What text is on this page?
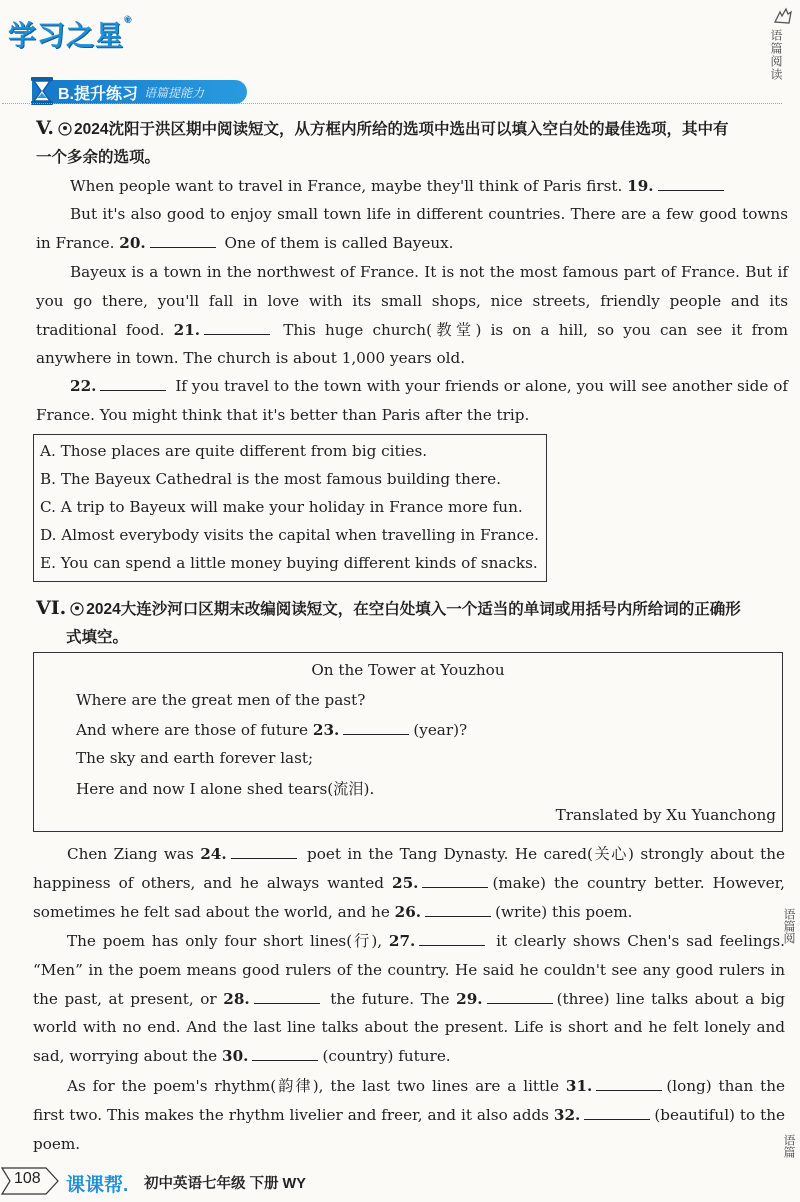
学习之星®
B.提升练习 语篇提能力
语篇阅读
语篇阅
语篇
V. 2024沈阳于洪区期中阅读短文，从方框内所给的选项中选出可以填入空白处的最佳选项，其中有
一个多余的选项。

When people want to travel in France, maybe they'll think of Paris first. 19.

But it's also good to enjoy small town life in different countries. There are a few good towns in France. 20.	One of them is called Bayeux.

Bayeux is a town in the northwest of France. It is not the most famous part of France. But if you go there, you'll fall in love with its small shops, nice streets, friendly people and its traditional food. 21.	This huge church(教堂) is on a hill, so you can see it from anywhere in town. The church is about 1,000 years old.

22.	If you travel to the town with your friends or alone, you will see another side of France. You might think that it's better than Paris after the trip.

A. Those places are quite different from big cities.
B. The Bayeux Cathedral is the most famous building there.
C. A trip to Bayeux will make your holiday in France more fun.
D. Almost everybody visits the capital when travelling in France.
E. You can spend a little money buying different kinds of snacks.
VI. 2024大连沙河口区期末改编阅读短文，在空白处填入一个适当的单词或用括号内所给词的正确形
式填空。
On the Tower at Youzhou
Where are the great men of the past?
And where are those of future 23.	(year)?
The sky and earth forever last;
Here and now I alone shed tears(流泪).
Translated by Xu Yuanchong

Chen Ziang was 24.	poet in the Tang Dynasty. He cared(关心) strongly about the happiness of others, and he always wanted 25.	(make) the country better. However, sometimes he felt sad about the world, and he 26.	(write) this poem.

The poem has only four short lines(行), 27.	it clearly shows Chen's sad feelings. “Men” in the poem means good rulers of the country. He said he couldn't see any good rulers in the past, at present, or 28.	the future. The 29.	(three) line talks about a big world with no end. And the last line talks about the present. Life is short and he felt lonely and sad, worrying about the 30.	(country) future.

As for the poem's rhythm(韵律), the last two lines are a little 31.	(long) than the first two. This makes the rhythm livelier and freer, and it also adds 32.	(beautiful) to the poem.

108 课课帮. 初中英语七年级 下册 WY
